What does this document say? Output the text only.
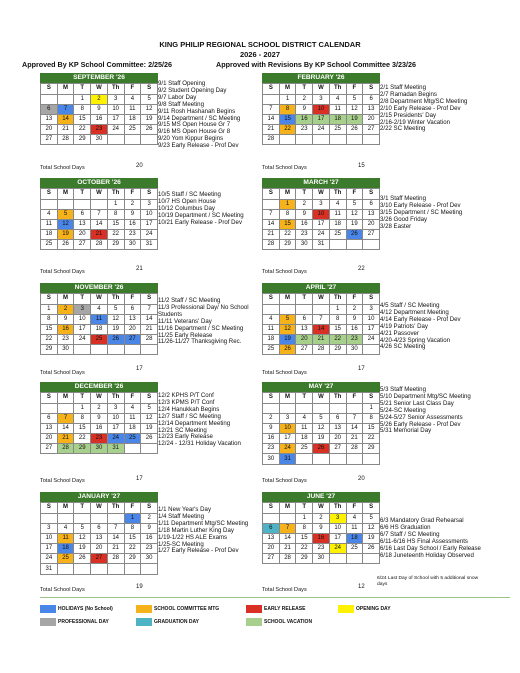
KING PHILIP REGIONAL SCHOOL DISTRICT CALENDAR
2026 - 2027
Approved By KP School Committee: 2/25/26	Approved with Revisions By KP School Committee 3/23/26
SEPTEMBER '26
S	M	T	W	Th	F	S
		1	2	3	4	5
6	7	8	9	10	11	12
13	14	15	16	17	18	19
20	21	22	23	24	25	26
27	28	29	30			
9/1 Staff Opening
9/2 Student Opening Day
9/7 Labor Day
9/8 Staff Meeting
9/11 Rosh Hashanah Begins
9/14 Department / SC Meeting
9/15 MS Open House Gr 7
9/16 MS Open House Gr 8
9/20 Yom Kippur Begins
9/23 Early Release - Prof Dev
Total School Days	20
FEBRUARY '26
S	M	T	W	Th	F	S
	1	2	3	4	5	6
7	8	9	10	11	12	13
14	15	16	17	18	19	20
21	22	23	24	25	26	27
28						
2/1 Staff Meeting
2/7 Ramadan Begins
2/8 Department Mtg/SC Meeting
2/10 Early Release - Prof Dev
2/15 Presidents' Day
2/16-2/19 Winter Vacation
2/22 SC Meeting
Total School Days	15
OCTOBER '26
S	M	T	W	Th	F	S
				1	2	3
4	5	6	7	8	9	10
11	12	13	14	15	16	17
18	19	20	21	22	23	24
25	26	27	28	29	30	31
10/5 Staff / SC Meeting
10/7 HS Open House
10/12 Columbus Day
10/19 Department / SC Meeting
10/21 Early Release - Prof Dev
Total School Days	21
MARCH '27
S	M	T	W	Th	F	S
	1	2	3	4	5	6
7	8	9	10	11	12	13
14	15	16	17	18	19	20
21	22	23	24	25	26	27
28	29	30	31			
3/1 Staff Meeting
3/10 Early Release - Prof Dev
3/15 Department / SC Meeting
3/26 Good Friday
3/28 Easter
Total School Days	22
NOVEMBER '26
S	M	T	W	Th	F	S
1	2	3	4	5	6	7
8	9	10	11	12	13	14
15	16	17	18	19	20	21
22	23	24	25	26	27	28
29	30					
11/2 Staff / SC Meeting
11/3 Professional Day/ No School Students
11/11 Veterans' Day
11/16 Department / SC Meeting
11/25 Early Release
11/26-11/27 Thanksgiving Rec.
Total School Days
17
APRIL '27
S	M	T	W	Th	F	S
				1	2	3
4	5	6	7	8	9	10
11	12	13	14	15	16	17
18	19	20	21	22	23	24
25	26	27	28	29	30	
4/5 Staff / SC Meeting
4/12 Department Meeting
4/14 Early Release - Prof Dev
4/19 Patriots' Day
4/21 Passover
4/20-4/23 Spring Vacation
4/26 SC Meeting
Total School Days
17
DECEMBER '26
S	M	T	W	Th	F	S
		1	2	3	4	5
6	7	8	9	10	11	12
13	14	15	16	17	18	19
20	21	22	23	24	25	26
27	28	29	30	31		
12/2 KPHS P/T Conf
12/3 KPMS P/T Conf
12/4 Hanukkah Begins
12/7 Staff / SC Meeting
12/14 Department Meeting
12/21 SC Meeting
12/23 Early Release
12/24 - 12/31 Holiday Vacation
Total School Days	17
MAY '27
S	M	T	W	Th	F	S
						1
2	3	4	5	6	7	8
9	10	11	12	13	14	15
16	17	18	19	20	21	22
23	24	25	26	27	28	29
30	31					
5/3 Staff Meeting
5/10 Department Mtg/SC Meeting
5/21 Senior Last Class Day
5/24-SC Meeting
5/24-5/27 Senior Assessments
5/26 Early Release - Prof Dev
5/31 Memorial Day
Total School Days	20
JANUARY '27
S	M	T	W	Th	F	S
					1	2
3	4	5	6	7	8	9
10	11	12	13	14	15	16
17	18	19	20	21	22	23
24	25	26	27	28	29	30
31						
1/1 New Year's Day
1/4 Staff Meeting
1/11 Department Mtg/SC Meeting
1/18 Martin Luther King Day
1/19-1/22 HS ALE Exams
1/25-SC Meeting
1/27 Early Release - Prof Dev
Total School Days	19
JUNE '27
S	M	T	W	Th	F	S
		1	2	3	4	5
6	7	8	9	10	11	12
13	14	15	16	17	18	19
20	21	22	23	24	25	26
27	28	29	30			
6/3 Mandatory Grad Rehearsal
6/6 HS Graduation
6/7 Staff / SC Meeting
6/11-6/16 HS Final Assessments
6/16 Last Day School / Early Release
6/18 Juneteenth Holiday Observed
Total School Days	12
6/24 Last Day of School with 5 additional snow days
HOLIDAYS (No School)	SCHOOL COMMITTEE MTG	EARLY RELEASE	OPENING DAY
PROFESSIONAL DAY	GRADUATION DAY	SCHOOL VACATION
